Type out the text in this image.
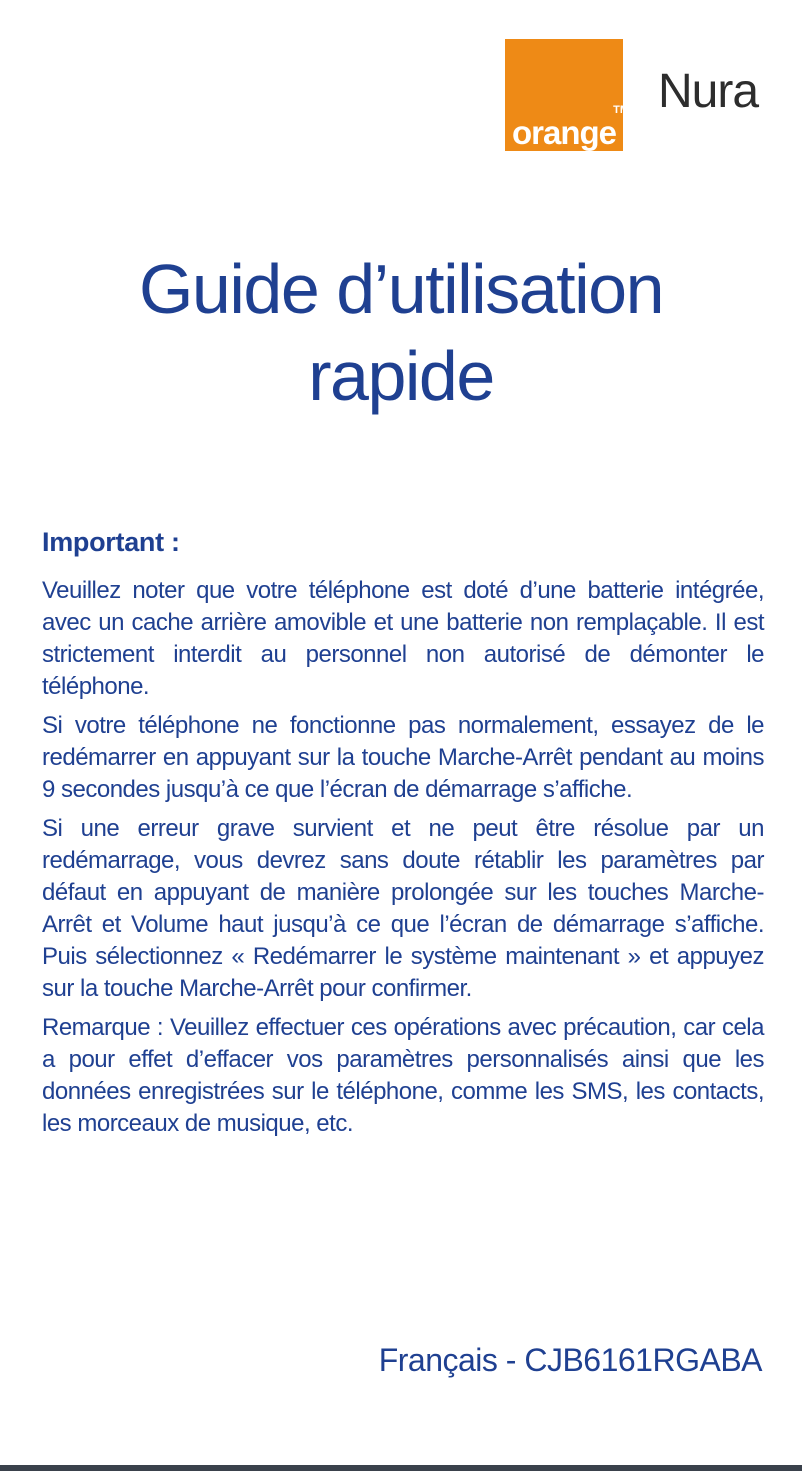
orange
TM Nura
Guide d’utilisation
rapide
Important :

Veuillez noter que votre téléphone est doté d’une batterie intégrée, avec un cache arrière amovible et une batterie non remplaçable. Il est strictement interdit au personnel non autorisé de démonter le téléphone.

Si votre téléphone ne fonctionne pas normalement, essayez de le redémarrer en appuyant sur la touche Marche-Arrêt pendant au moins 9 secondes jusqu’à ce que l’écran de démarrage s’affiche.

Si une erreur grave survient et ne peut être résolue par un redémarrage, vous devrez sans doute rétablir les paramètres par défaut en appuyant de manière prolongée sur les touches Marche-Arrêt et Volume haut jusqu’à ce que l’écran de démarrage s’affiche. Puis sélectionnez « Redémarrer le système maintenant » et appuyez sur la touche Marche-Arrêt pour confirmer.

Remarque : Veuillez effectuer ces opérations avec précaution, car cela a pour effet d’effacer vos paramètres personnalisés ainsi que les données enregistrées sur le téléphone, comme les SMS, les contacts, les morceaux de musique, etc.

Français - CJB6161RGABA
